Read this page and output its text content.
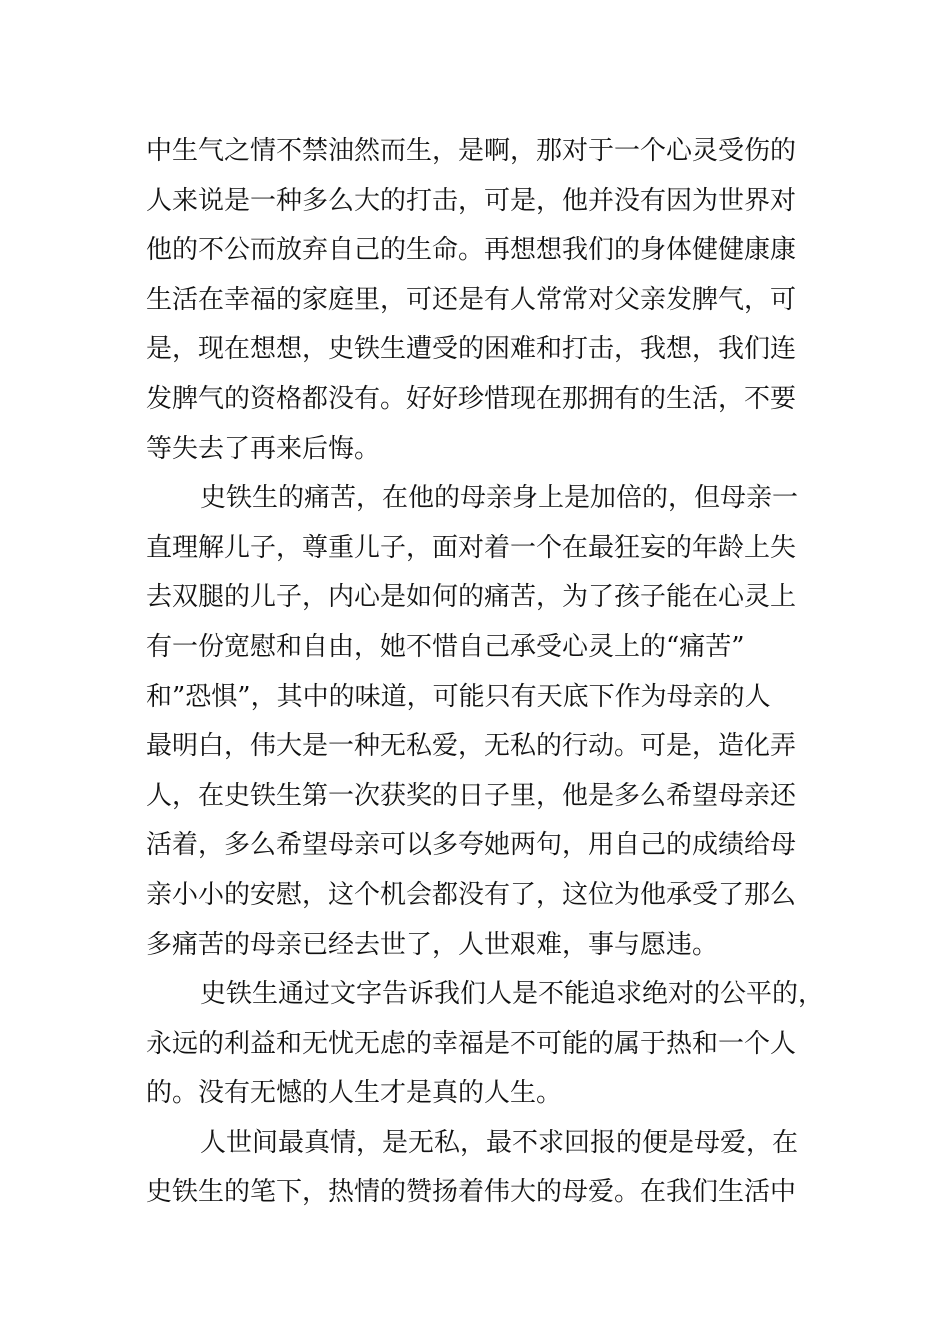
中生气之情不禁油然而生，是啊，那对于一个心灵受伤的
人来说是一种多么大的打击，可是，他并没有因为世界对
他的不公而放弃自己的生命。再想想我们的身体健健康康
生活在幸福的家庭里，可还是有人常常对父亲发脾气，可
是，现在想想，史铁生遭受的困难和打击，我想，我们连
发脾气的资格都没有。好好珍惜现在那拥有的生活，不要
等失去了再来后悔。
史铁生的痛苦，在他的母亲身上是加倍的，但母亲一
直理解儿子，尊重儿子，面对着一个在最狂妄的年龄上失
去双腿的儿子，内心是如何的痛苦，为了孩子能在心灵上
有一份宽慰和自由，她不惜自己承受心灵上的“痛苦”
和”恐惧”，其中的味道，可能只有天底下作为母亲的人
最明白，伟大是一种无私爱，无私的行动。可是，造化弄
人，在史铁生第一次获奖的日子里，他是多么希望母亲还
活着，多么希望母亲可以多夸她两句，用自己的成绩给母
亲小小的安慰，这个机会都没有了，这位为他承受了那么
多痛苦的母亲已经去世了，人世艰难，事与愿违。
史铁生通过文字告诉我们人是不能追求绝对的公平的，
永远的利益和无忧无虑的幸福是不可能的属于热和一个人
的。没有无憾的人生才是真的人生。
人世间最真情，是无私，最不求回报的便是母爱，在
史铁生的笔下，热情的赞扬着伟大的母爱。在我们生活中
